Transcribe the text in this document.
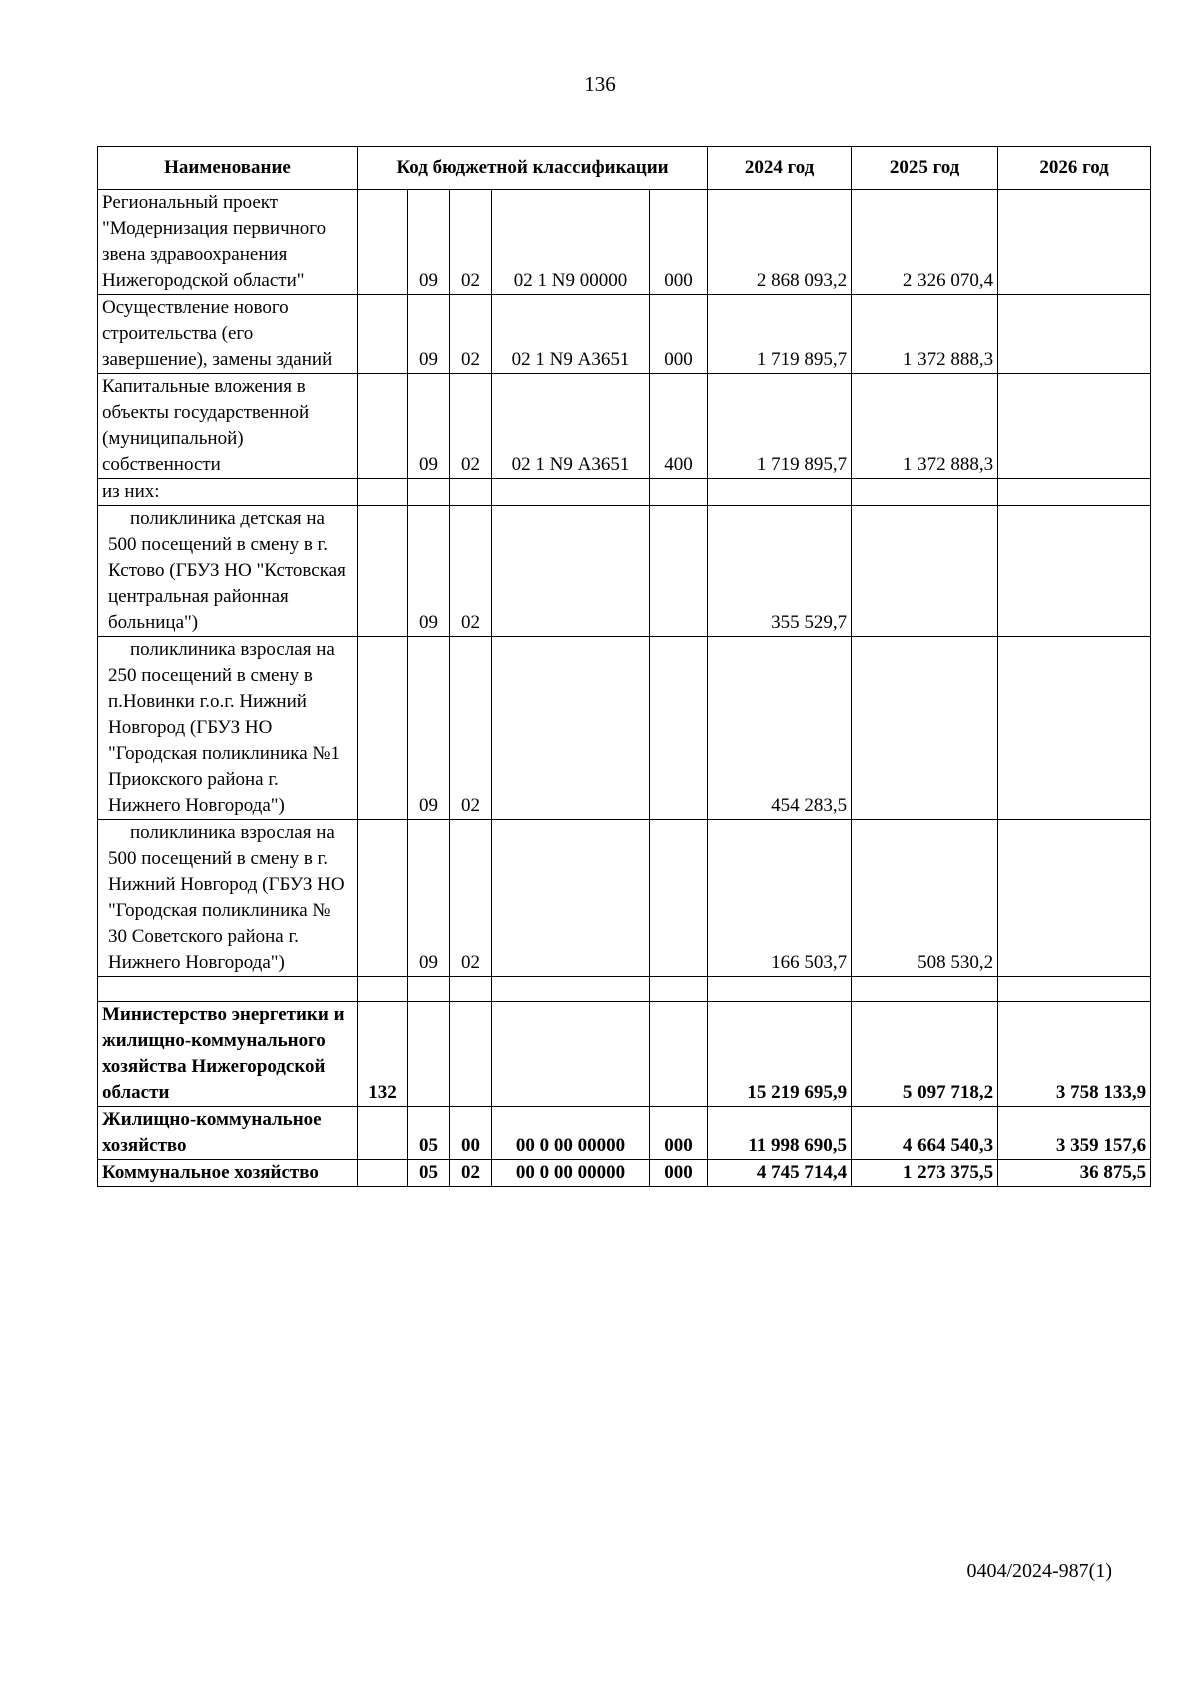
136
Наименование	Код бюджетной классификации					2024 год	2025 год	2026 год
Региональный проект "Модернизация первичного звена здравоохранения Нижегородской области"		09	02	02 1 N9 00000	000	2 868 093,2	2 326 070,4	
Осуществление нового строительства (его завершение), замены зданий		09	02	02 1 N9 А3651	000	1 719 895,7	1 372 888,3	
Капитальные вложения в объекты государственной (муниципальной) собственности		09	02	02 1 N9 А3651	400	1 719 895,7	1 372 888,3	
из них:								
поликлиника детская на 500 посещений в смену в г. Кстово (ГБУЗ НО "Кстовская центральная районная больница")		09	02			355 529,7		
поликлиника взрослая на 250 посещений в смену в п.Новинки г.о.г. Нижний Новгород (ГБУЗ НО "Городская поликлиника №1 Приокского района г. Нижнего Новгорода")		09	02			454 283,5		
поликлиника взрослая на 500 посещений в смену в г. Нижний Новгород (ГБУЗ НО "Городская поликлиника № 30 Советского района г. Нижнего Новгорода")		09	02			166 503,7	508 530,2	

Министерство энергетики и жилищно-коммунального хозяйства Нижегородской области	132					15 219 695,9	5 097 718,2	3 758 133,9
Жилищно-коммунальное хозяйство		05	00	00 0 00 00000	000	11 998 690,5	4 664 540,3	3 359 157,6
Коммунальное хозяйство		05	02	00 0 00 00000	000	4 745 714,4	1 273 375,5	36 875,5
0404/2024-987(1)
